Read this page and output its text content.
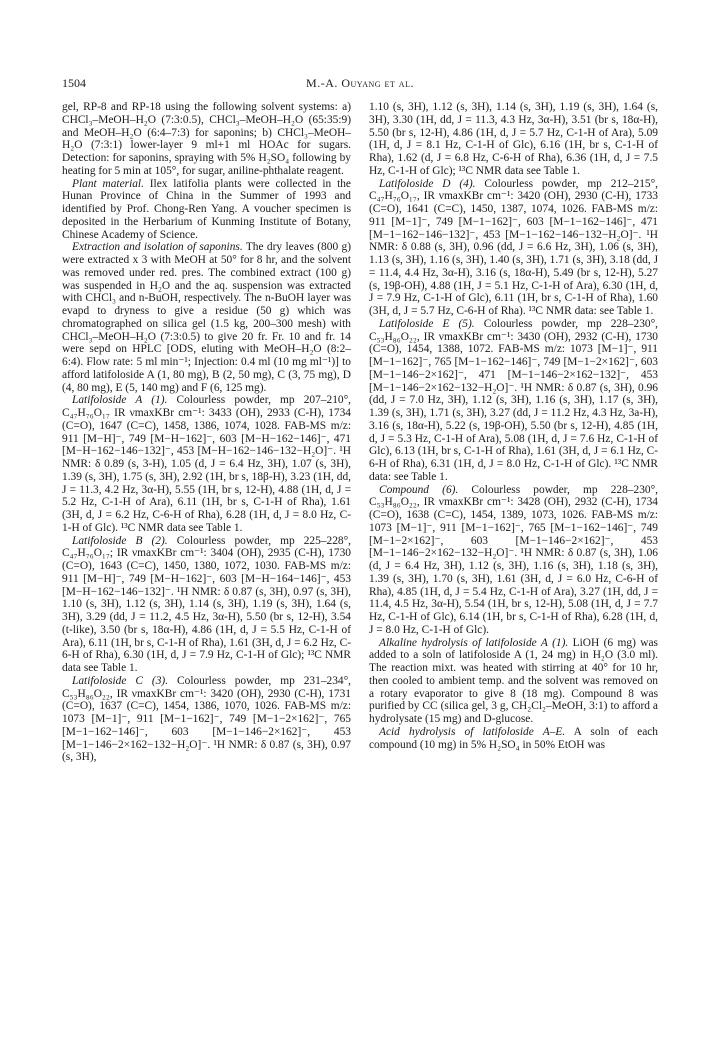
1504	M.-A. Ouyang et al.

gel, RP-8 and RP-18 using the following solvent systems: a) CHCl₃–MeOH–H₂O (7:3:0.5), CHCl₃–MeOH–H₂O (65:35:9) and MeOH–H₂O (6:4–7:3) for saponins; b) CHCl₃–MeOH–H₂O (7:3:1) lower-layer 9 ml+1 ml HOAc for sugars. Detection: for saponins, spraying with 5% H₂SO₄ following by heating for 5 min at 105°, for sugar, aniline-phthalate reagent.

Plant material. Ilex latifolia plants were collected in the Hunan Province of China in the Summer of 1993 and identified by Prof. Chong-Ren Yang. A voucher specimen is deposited in the Herbarium of Kunming Institute of Botany, Chinese Academy of Science.

Extraction and isolation of saponins. The dry leaves (800 g) were extracted x 3 with MeOH at 50° for 8 hr, and the solvent was removed under red. pres. The combined extract (100 g) was suspended in H₂O and the aq. suspension was extracted with CHCl₃ and n-BuOH, respectively. The n-BuOH layer was evapd to dryness to give a residue (50 g) which was chromatographed on silica gel (1.5 kg, 200–300 mesh) with CHCl₃–MeOH–H₂O (7:3:0.5) to give 20 fr. Fr. 10 and fr. 14 were sepd on HPLC [ODS, eluting with MeOH–H₂O (8:2–6:4). Flow rate: 5 ml min⁻¹; Injection: 0.4 ml (10 mg ml⁻¹)] to afford latifoloside A (1, 80 mg), B (2, 50 mg), C (3, 75 mg), D (4, 80 mg), E (5, 140 mg) and F (6, 125 mg).

Latifoloside A (1). Colourless powder, mp 207–210°, C₄₇H₇₆O₁₇ IR νmaxKBr cm⁻¹: 3433 (OH), 2933 (C-H), 1734 (C=O), 1647 (C=C), 1458, 1386, 1074, 1028. FAB-MS m/z: 911 [M−H]⁻, 749 [M−H−162]⁻, 603 [M−H−162−146]⁻, 471 [M−H−162−146−132]⁻, 453 [M−H−162−146−132−H₂O]⁻. ¹H NMR: δ 0.89 (s, 3-H), 1.05 (d, J = 6.4 Hz, 3H), 1.07 (s, 3H), 1.39 (s, 3H), 1.75 (s, 3H), 2.92 (1H, br s, 18β-H), 3.23 (1H, dd, J = 11.3, 4.2 Hz, 3α-H), 5.55 (1H, br s, 12-H), 4.88 (1H, d, J = 5.2 Hz, C-1-H of Ara), 6.11 (1H, br s, C-1-H of Rha), 1.61 (3H, d, J = 6.2 Hz, C-6-H of Rha), 6.28 (1H, d, J = 8.0 Hz, C-1-H of Glc). ¹³C NMR data see Table 1.

Latifoloside B (2). Colourless powder, mp 225–228°, C₄₇H₇₆O₁₇; IR νmaxKBr cm⁻¹: 3404 (OH), 2935 (C-H), 1730 (C=O), 1643 (C=C), 1450, 1380, 1072, 1030. FAB-MS m/z: 911 [M−H]⁻, 749 [M−H−162]⁻, 603 [M−H−164−146]⁻, 453 [M−H−162−146−132]⁻. ¹H NMR: δ 0.87 (s, 3H), 0.97 (s, 3H), 1.10 (s, 3H), 1.12 (s, 3H), 1.14 (s, 3H), 1.19 (s, 3H), 1.64 (s, 3H), 3.29 (dd, J = 11.2, 4.5 Hz, 3α-H), 5.50 (br s, 12-H), 3.54 (t-like), 3.50 (br s, 18α-H), 4.86 (1H, d, J = 5.5 Hz, C-1-H of Ara), 6.11 (1H, br s, C-1-H of Rha), 1.61 (3H, d, J = 6.2 Hz, C-6-H of Rha), 6.30 (1H, d, J = 7.9 Hz, C-1-H of Glc); ¹³C NMR data see Table 1.

Latifoloside C (3). Colourless powder, mp 231–234°, C₅₃H₈₆O₂₂, IR νmaxKBr cm⁻¹: 3420 (OH), 2930 (C-H), 1731 (C=O), 1637 (C=C), 1454, 1386, 1070, 1026. FAB-MS m/z: 1073 [M−1]⁻, 911 [M−1−162]⁻, 749 [M−1−2×162]⁻, 765 [M−1−162−146]⁻, 603 [M−1−146−2×162]⁻, 453 [M−1−146−2×162−132−H₂O]⁻. ¹H NMR: δ 0.87 (s, 3H), 0.97 (s, 3H),

1.10 (s, 3H), 1.12 (s, 3H), 1.14 (s, 3H), 1.19 (s, 3H), 1.64 (s, 3H), 3.30 (1H, dd, J = 11.3, 4.3 Hz, 3α-H), 3.51 (br s, 18α-H), 5.50 (br s, 12-H), 4.86 (1H, d, J = 5.7 Hz, C-1-H of Ara), 5.09 (1H, d, J = 8.1 Hz, C-1-H of Glc), 6.16 (1H, br s, C-1-H of Rha), 1.62 (d, J = 6.8 Hz, C-6-H of Rha), 6.36 (1H, d, J = 7.5 Hz, C-1-H of Glc); ¹³C NMR data see Table 1.

Latifoloside D (4). Colourless powder, mp 212–215°, C₄₇H₇₆O₁₇, IR νmaxKBr cm⁻¹: 3420 (OH), 2930 (C-H), 1733 (C=O), 1641 (C=C), 1450, 1387, 1074, 1026. FAB-MS m/z: 911 [M−1]⁻, 749 [M−1−162]⁻, 603 [M−1−162−146]⁻, 471 [M−1−162−146−132]⁻, 453 [M−1−162−146−132−H₂O]⁻. ¹H NMR: δ 0.88 (s, 3H), 0.96 (dd, J = 6.6 Hz, 3H), 1.06 (s, 3H), 1.13 (s, 3H), 1.16 (s, 3H), 1.40 (s, 3H), 1.71 (s, 3H), 3.18 (dd, J = 11.4, 4.4 Hz, 3α-H), 3.16 (s, 18α-H), 5.49 (br s, 12-H), 5.27 (s, 19β-OH), 4.88 (1H, J = 5.1 Hz, C-1-H of Ara), 6.30 (1H, d, J = 7.9 Hz, C-1-H of Glc), 6.11 (1H, br s, C-1-H of Rha), 1.60 (3H, d, J = 5.7 Hz, C-6-H of Rha). ¹³C NMR data: see Table 1.

Latifoloside E (5). Colourless powder, mp 228–230°, C₅₃H₈₆O₂₂, IR νmaxKBr cm⁻¹: 3430 (OH), 2932 (C-H), 1730 (C=O), 1454, 1388, 1072. FAB-MS m/z: 1073 [M−1]⁻, 911 [M−1−162]⁻, 765 [M−1−162−146]⁻, 749 [M−1−2×162]⁻, 603 [M−1−146−2×162]⁻, 471 [M−1−146−2×162−132]⁻, 453 [M−1−146−2×162−132−H₂O]⁻. ¹H NMR: δ 0.87 (s, 3H), 0.96 (dd, J = 7.0 Hz, 3H), 1.12 (s, 3H), 1.16 (s, 3H), 1.17 (s, 3H), 1.39 (s, 3H), 1.71 (s, 3H), 3.27 (dd, J = 11.2 Hz, 4.3 Hz, 3a-H), 3.16 (s, 18α-H), 5.22 (s, 19β-OH), 5.50 (br s, 12-H), 4.85 (1H, d, J = 5.3 Hz, C-1-H of Ara), 5.08 (1H, d, J = 7.6 Hz, C-1-H of Glc), 6.13 (1H, br s, C-1-H of Rha), 1.61 (3H, d, J = 6.1 Hz, C-6-H of Rha), 6.31 (1H, d, J = 8.0 Hz, C-1-H of Glc). ¹³C NMR data: see Table 1.

Compound (6). Colourless powder, mp 228–230°, C₅₃H₈₆O₂₂, IR νmaxKBr cm⁻¹: 3428 (OH), 2932 (C-H), 1734 (C=O), 1638 (C=C), 1454, 1389, 1073, 1026. FAB-MS m/z: 1073 [M−1]⁻, 911 [M−1−162]⁻, 765 [M−1−162−146]⁻, 749 [M−1−2×162]⁻, 603 [M−1−146−2×162]⁻, 453 [M−1−146−2×162−132−H₂O]⁻. ¹H NMR: δ 0.87 (s, 3H), 1.06 (d, J = 6.4 Hz, 3H), 1.12 (s, 3H), 1.16 (s, 3H), 1.18 (s, 3H), 1.39 (s, 3H), 1.70 (s, 3H), 1.61 (3H, d, J = 6.0 Hz, C-6-H of Rha), 4.85 (1H, d, J = 5.4 Hz, C-1-H of Ara), 3.27 (1H, dd, J = 11.4, 4.5 Hz, 3α-H), 5.54 (1H, br s, 12-H), 5.08 (1H, d, J = 7.7 Hz, C-1-H of Glc), 6.14 (1H, br s, C-1-H of Rha), 6.28 (1H, d, J = 8.0 Hz, C-1-H of Glc).

Alkaline hydrolysis of latifoloside A (1). LiOH (6 mg) was added to a soln of latifoloside A (1, 24 mg) in H₂O (3.0 ml). The reaction mixt. was heated with stirring at 40° for 10 hr, then cooled to ambient temp. and the solvent was removed on a rotary evaporator to give 8 (18 mg). Compound 8 was purified by CC (silica gel, 3 g, CH₂Cl₂–MeOH, 3:1) to afford a hydrolysate (15 mg) and D-glucose.

Acid hydrolysis of latifoloside A–E. A soln of each compound (10 mg) in 5% H₂SO₄ in 50% EtOH was
